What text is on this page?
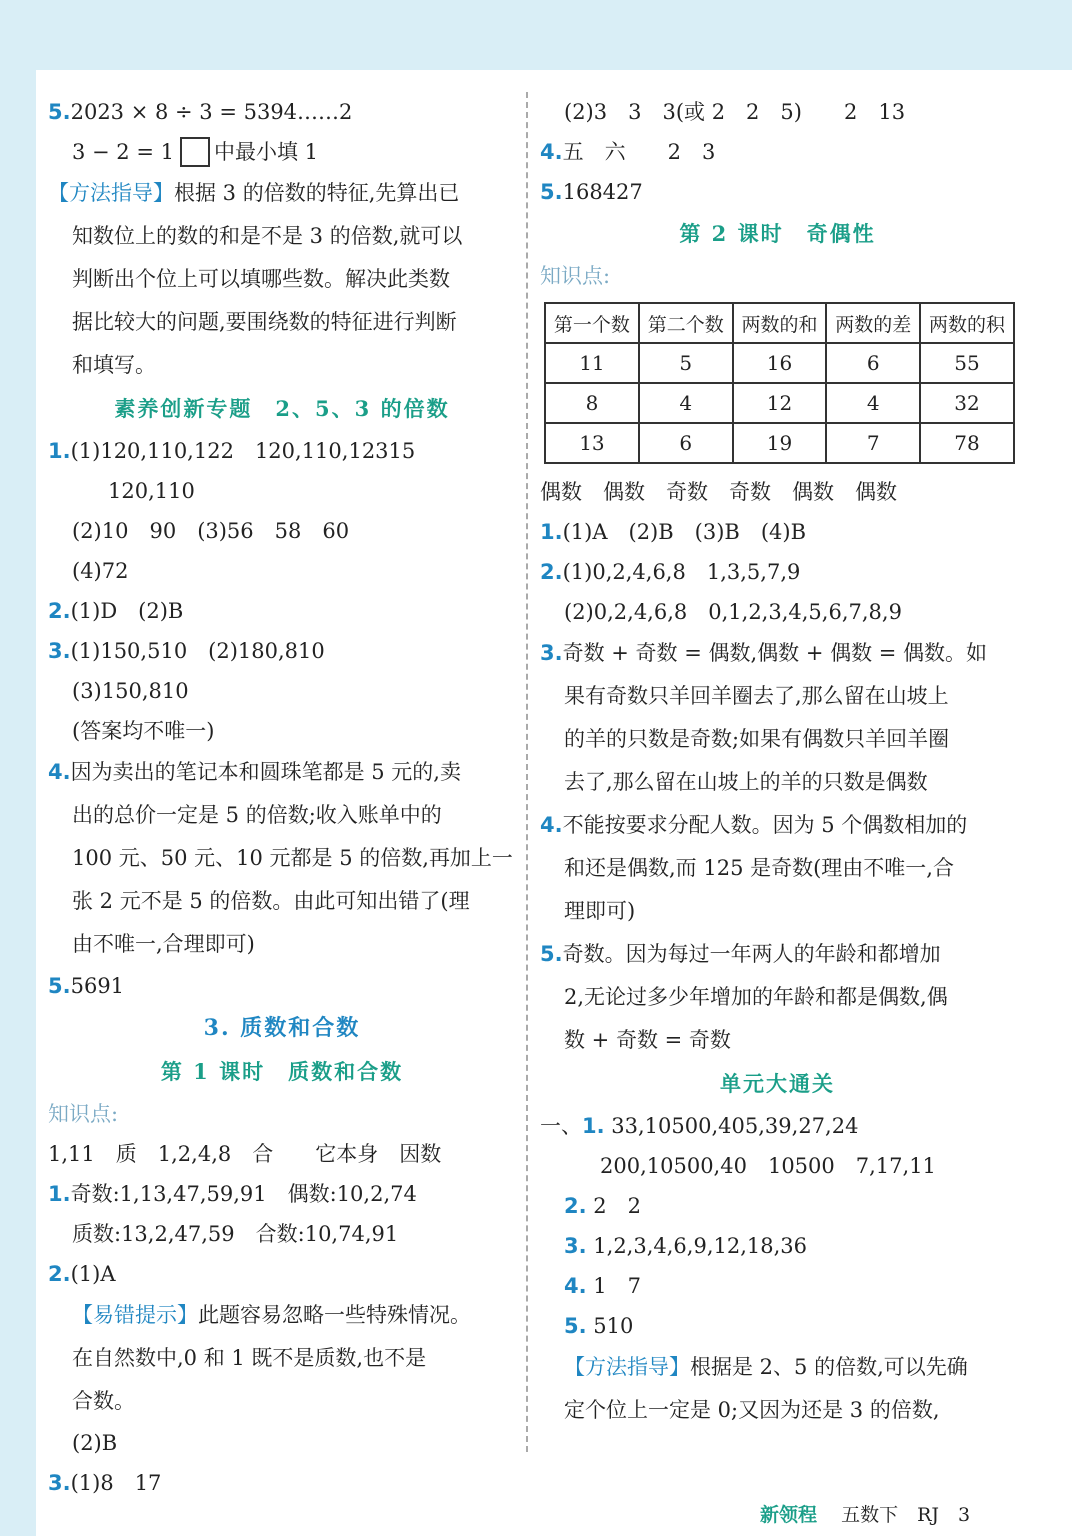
5.2023 × 8 ÷ 3 = 5394……2
3 − 2 = 1 中最小填 1
【方法指导】根据 3 的倍数的特征,先算出已
知数位上的数的和是不是 3 的倍数,就可以
判断出个位上可以填哪些数。解决此类数
据比较大的问题,要围绕数的特征进行判断
和填写。
素养创新专题　2、5、3 的倍数
1.(1)120,110,122　120,110,12315
120,110
(2)10　90　(3)56　58　60
(4)72
2.(1)D　(2)B
3.(1)150,510　(2)180,810
(3)150,810
(答案均不唯一)
4.因为卖出的笔记本和圆珠笔都是 5 元的,卖
出的总价一定是 5 的倍数;收入账单中的
100 元、50 元、10 元都是 5 的倍数,再加上一
张 2 元不是 5 的倍数。由此可知出错了(理
由不唯一,合理即可)
5.5691
3. 质数和合数
第 1 课时　质数和合数
知识点:
1,11　质　1,2,4,8　合　　它本身　因数
1.奇数:1,13,47,59,91　偶数:10,2,74
质数:13,2,47,59　合数:10,74,91
2.(1)A
【易错提示】此题容易忽略一些特殊情况。
在自然数中,0 和 1 既不是质数,也不是
合数。
(2)B
3.(1)8　17
(2)3　3　3(或 2　2　5)　　2　13
4.五　六　　2　3
5.168427
第 2 课时　奇偶性
知识点:
第一个数	第二个数	两数的和	两数的差	两数的积
11	5	16	6	55
8	4	12	4	32
13	6	19	7	78
偶数　偶数　奇数　奇数　偶数　偶数
1.(1)A　(2)B　(3)B　(4)B
2.(1)0,2,4,6,8　1,3,5,7,9
(2)0,2,4,6,8　0,1,2,3,4,5,6,7,8,9
3.奇数 + 奇数 = 偶数,偶数 + 偶数 = 偶数。如
果有奇数只羊回羊圈去了,那么留在山坡上
的羊的只数是奇数;如果有偶数只羊回羊圈
去了,那么留在山坡上的羊的只数是偶数
4.不能按要求分配人数。因为 5 个偶数相加的
和还是偶数,而 125 是奇数(理由不唯一,合
理即可)
5.奇数。因为每过一年两人的年龄和都增加
2,无论过多少年增加的年龄和都是偶数,偶
数 + 奇数 = 奇数
单元大通关
一、1. 33,10500,405,39,27,24
200,10500,40　10500　7,17,11
2. 2　2
3. 1,2,3,4,6,9,12,18,36
4. 1　7
5. 510
【方法指导】根据是 2、5 的倍数,可以先确
定个位上一定是 0;又因为还是 3 的倍数,
新领程 五数下　 RJ　 3
